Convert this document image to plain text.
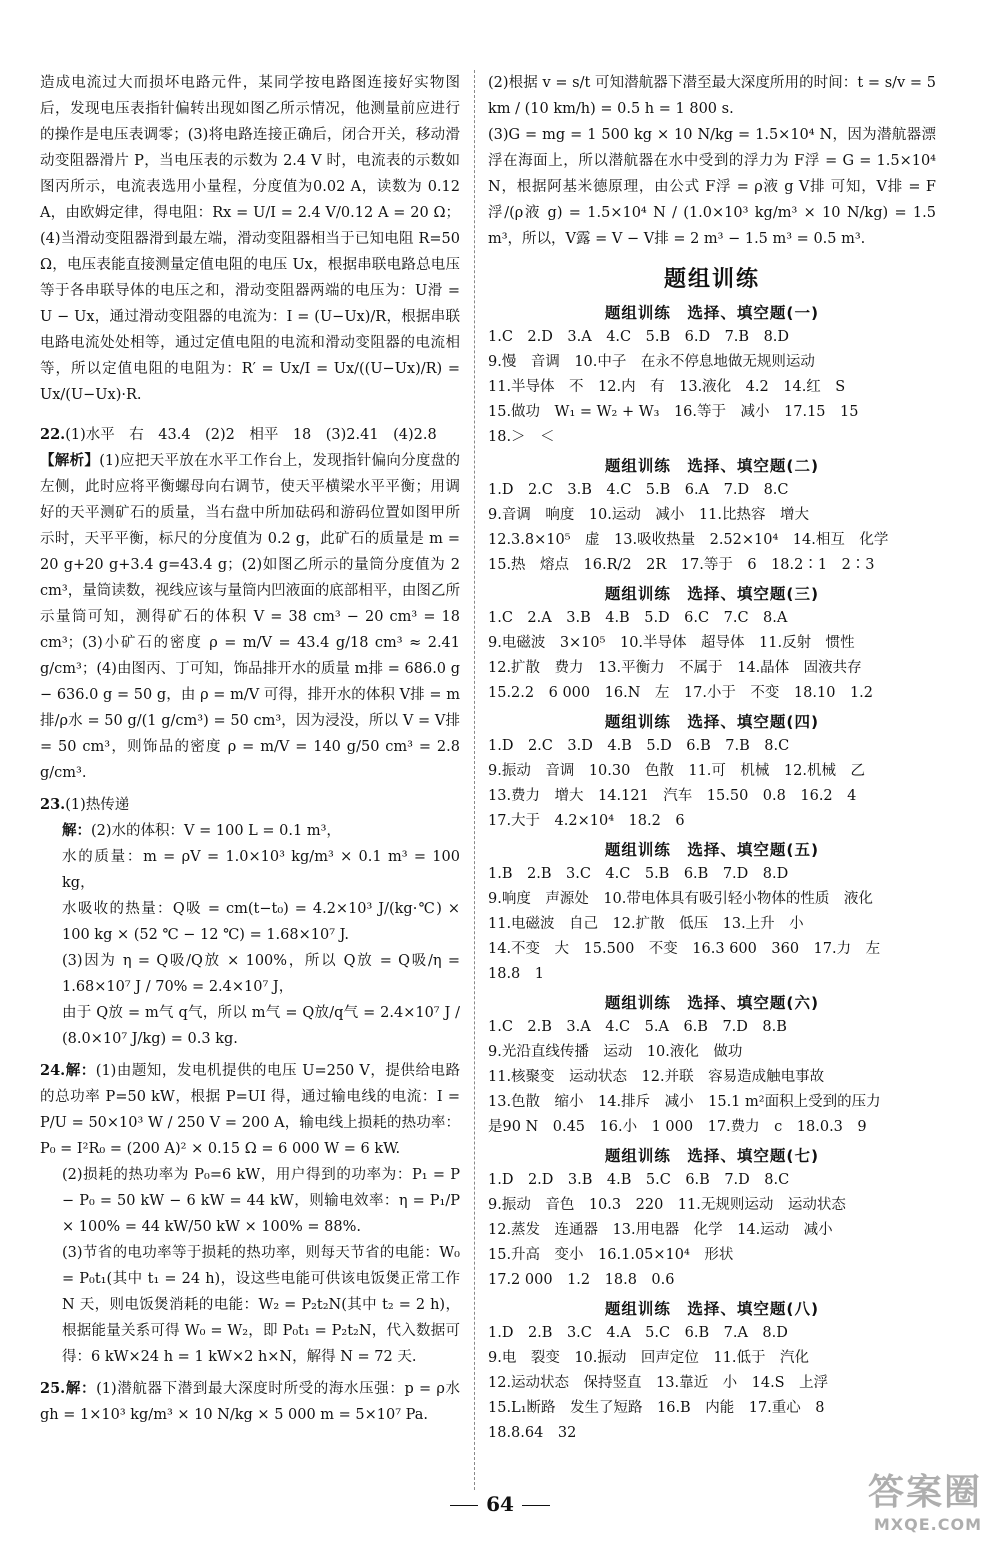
造成电流过大而损坏电路元件，某同学按电路图连接好实物图后，发现电压表指针偏转出现如图乙所示情况，他测量前应进行的操作是电压表调零；(3)将电路连接正确后，闭合开关，移动滑动变阻器滑片 P，当电压表的示数为 2.4 V 时，电流表的示数如图丙所示，电流表选用小量程，分度值为0.02 A，读数为 0.12 A，由欧姆定律，得电阻：Rx = U/I = 2.4 V/0.12 A = 20 Ω；(4)当滑动变阻器滑到最左端，滑动变阻器相当于已知电阻 R=50 Ω，电压表能直接测量定值电阻的电压 Ux，根据串联电路总电压等于各串联导体的电压之和，滑动变阻器两端的电压为：U滑 = U − Ux，通过滑动变阻器的电流为：I = (U−Ux)/R，根据串联电路电流处处相等，通过定值电阻的电流和滑动变阻器的电流相等，所以定值电阻的电阻为：R′ = Ux/I = Ux/((U−Ux)/R) = Ux/(U−Ux)·R.

22.(1)水平　右　43.4　(2)2　相平　18　(3)2.41　(4)2.8

【解析】(1)应把天平放在水平工作台上，发现指针偏向分度盘的左侧，此时应将平衡螺母向右调节，使天平横梁水平平衡；用调好的天平测矿石的质量，当右盘中所加砝码和游码位置如图甲所示时，天平平衡，标尺的分度值为 0.2 g，此矿石的质量是 m = 20 g+20 g+3.4 g=43.4 g；(2)如图乙所示的量筒分度值为 2 cm³，量筒读数，视线应该与量筒内凹液面的底部相平，由图乙所示量筒可知，测得矿石的体积 V = 38 cm³ − 20 cm³ = 18 cm³；(3)小矿石的密度 ρ = m/V = 43.4 g/18 cm³ ≈ 2.41 g/cm³；(4)由图丙、丁可知，饰品排开水的质量 m排 = 686.0 g − 636.0 g = 50 g，由 ρ = m/V 可得，排开水的体积 V排 = m排/ρ水 = 50 g/(1 g/cm³) = 50 cm³，因为浸没，所以 V = V排 = 50 cm³，则饰品的密度 ρ = m/V = 140 g/50 cm³ = 2.8 g/cm³.

23.(1)热传递

解：(2)水的体积：V = 100 L = 0.1 m³，

水的质量：m = ρV = 1.0×10³ kg/m³ × 0.1 m³ = 100 kg，

水吸收的热量：Q吸 = cm(t−t₀) = 4.2×10³ J/(kg·℃) × 100 kg × (52 ℃ − 12 ℃) = 1.68×10⁷ J.

(3)因为 η = Q吸/Q放 × 100%，所以 Q放 = Q吸/η = 1.68×10⁷ J / 70% = 2.4×10⁷ J，

由于 Q放 = m气 q气，所以 m气 = Q放/q气 = 2.4×10⁷ J / (8.0×10⁷ J/kg) = 0.3 kg.

24.解：(1)由题知，发电机提供的电压 U=250 V，提供给电路的总功率 P=50 kW，根据 P=UI 得，通过输电线的电流：I = P/U = 50×10³ W / 250 V = 200 A，输电线上损耗的热功率：P₀ = I²R₀ = (200 A)² × 0.15 Ω = 6 000 W = 6 kW.

(2)损耗的热功率为 P₀=6 kW，用户得到的功率为：P₁ = P − P₀ = 50 kW − 6 kW = 44 kW，则输电效率：η = P₁/P × 100% = 44 kW/50 kW × 100% = 88%.

(3)节省的电功率等于损耗的热功率，则每天节省的电能：W₀ = P₀t₁(其中 t₁ = 24 h)，设这些电能可供该电饭煲正常工作 N 天，则电饭煲消耗的电能：W₂ = P₂t₂N(其中 t₂ = 2 h)，根据能量关系可得 W₀ = W₂，即 P₀t₁ = P₂t₂N，代入数据可得：6 kW×24 h = 1 kW×2 h×N，解得 N = 72 天.

25.解：(1)潜航器下潜到最大深度时所受的海水压强：p = ρ水 gh = 1×10³ kg/m³ × 10 N/kg × 5 000 m = 5×10⁷ Pa.

(2)根据 v = s/t 可知潜航器下潜至最大深度所用的时间：t = s/v = 5 km / (10 km/h) = 0.5 h = 1 800 s.

(3)G = mg = 1 500 kg × 10 N/kg = 1.5×10⁴ N，因为潜航器漂浮在海面上，所以潜航器在水中受到的浮力为 F浮 = G = 1.5×10⁴ N，根据阿基米德原理，由公式 F浮 = ρ液 g V排 可知，V排 = F浮/(ρ液 g) = 1.5×10⁴ N / (1.0×10³ kg/m³ × 10 N/kg) = 1.5 m³，所以，V露 = V − V排 = 2 m³ − 1.5 m³ = 0.5 m³.

题组训练
题组训练　选择、填空题(一)

1.C　2.D　3.A　4.C　5.B　6.D　7.B　8.D

9.慢　音调　10.中子　在永不停息地做无规则运动

11.半导体　不　12.内　有　13.液化　4.2　14.红　S

15.做功　W₁ = W₂ + W₃　16.等于　减小　17.15　15

18.＞　＜

题组训练　选择、填空题(二)

1.D　2.C　3.B　4.C　5.B　6.A　7.D　8.C

9.音调　响度　10.运动　减小　11.比热容　增大

12.3.8×10⁵　虚　13.吸收热量　2.52×10⁴　14.相互　化学

15.热　熔点　16.R/2　2R　17.等于　6　18.2∶1　2∶3

题组训练　选择、填空题(三)

1.C　2.A　3.B　4.B　5.D　6.C　7.C　8.A

9.电磁波　3×10⁵　10.半导体　超导体　11.反射　惯性

12.扩散　费力　13.平衡力　不属于　14.晶体　固液共存

15.2.2　6 000　16.N　左　17.小于　不变　18.10　1.2

题组训练　选择、填空题(四)

1.D　2.C　3.D　4.B　5.D　6.B　7.B　8.C

9.振动　音调　10.30　色散　11.可　机械　12.机械　乙

13.费力　增大　14.121　汽车　15.50　0.8　16.2　4

17.大于　4.2×10⁴　18.2　6

题组训练　选择、填空题(五)

1.B　2.B　3.C　4.C　5.B　6.B　7.D　8.D

9.响度　声源处　10.带电体具有吸引轻小物体的性质　液化

11.电磁波　自己　12.扩散　低压　13.上升　小

14.不变　大　15.500　不变　16.3 600　360　17.力　左

18.8　1

题组训练　选择、填空题(六)

1.C　2.B　3.A　4.C　5.A　6.B　7.D　8.B

9.光沿直线传播　运动　10.液化　做功

11.核聚变　运动状态　12.并联　容易造成触电事故

13.色散　缩小　14.排斥　减小　15.1 m²面积上受到的压力

是90 N　0.45　16.小　1 000　17.费力　c　18.0.3　9

题组训练　选择、填空题(七)

1.D　2.D　3.B　4.B　5.C　6.B　7.D　8.C

9.振动　音色　10.3　220　11.无规则运动　运动状态

12.蒸发　连通器　13.用电器　化学　14.运动　减小

15.升高　变小　16.1.05×10⁴　形状

17.2 000　1.2　18.8　0.6

题组训练　选择、填空题(八)

1.D　2.B　3.C　4.A　5.C　6.B　7.A　8.D

9.电　裂变　10.振动　回声定位　11.低于　汽化

12.运动状态　保持竖直　13.靠近　小　14.S　上浮

15.L₁断路　发生了短路　16.B　内能　17.重心　8

18.8.64　32

64	答案圈
MXQE.COM
